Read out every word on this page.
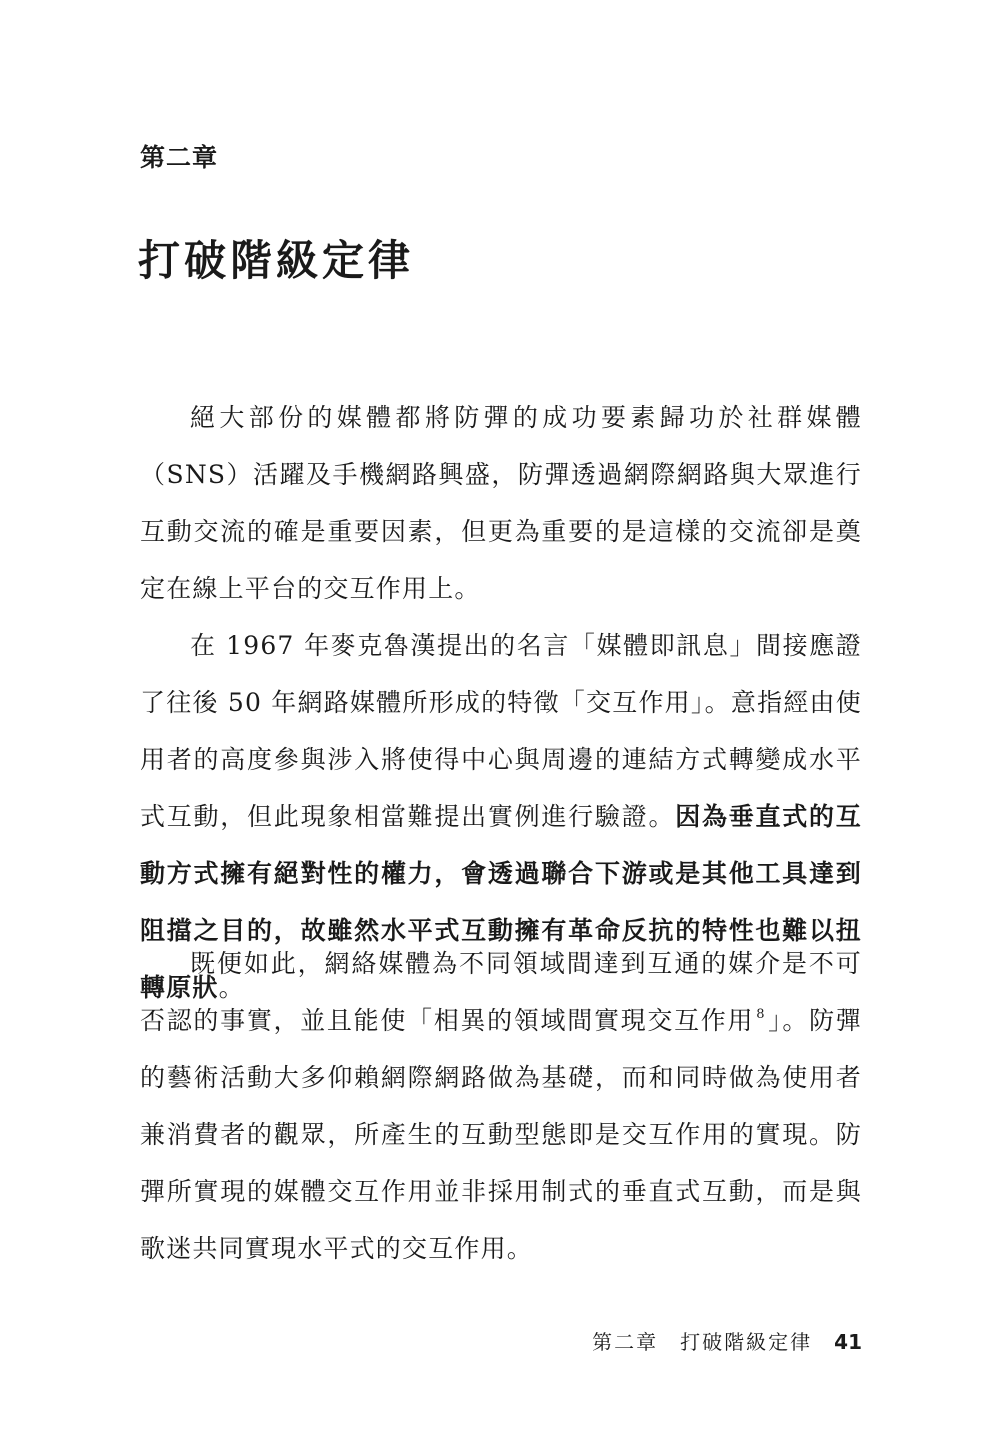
第二章
打破階級定律

絕大部份的媒體都將防彈的成功要素歸功於社群媒體（SNS）活躍及手機網路興盛，防彈透過網際網路與大眾進行互動交流的確是重要因素，但更為重要的是這樣的交流卻是奠定在線上平台的交互作用上。

在 1967 年麥克魯漢提出的名言「媒體即訊息」間接應證了往後 50 年網路媒體所形成的特徵「交互作用」。意指經由使用者的高度參與涉入將使得中心與周邊的連結方式轉變成水平式互動，但此現象相當難提出實例進行驗證。因為垂直式的互動方式擁有絕對性的權力，會透過聯合下游或是其他工具達到阻擋之目的，故雖然水平式互動擁有革命反抗的特性也難以扭轉原狀。

既便如此，網絡媒體為不同領域間達到互通的媒介是不可否認的事實，並且能使「相異的領域間實現交互作用 $^8$」。防彈的藝術活動大多仰賴網際網路做為基礎，而和同時做為使用者兼消費者的觀眾，所產生的互動型態即是交互作用的實現。防彈所實現的媒體交互作用並非採用制式的垂直式互動，而是與歌迷共同實現水平式的交互作用。

第二章 打破階級定律 41
